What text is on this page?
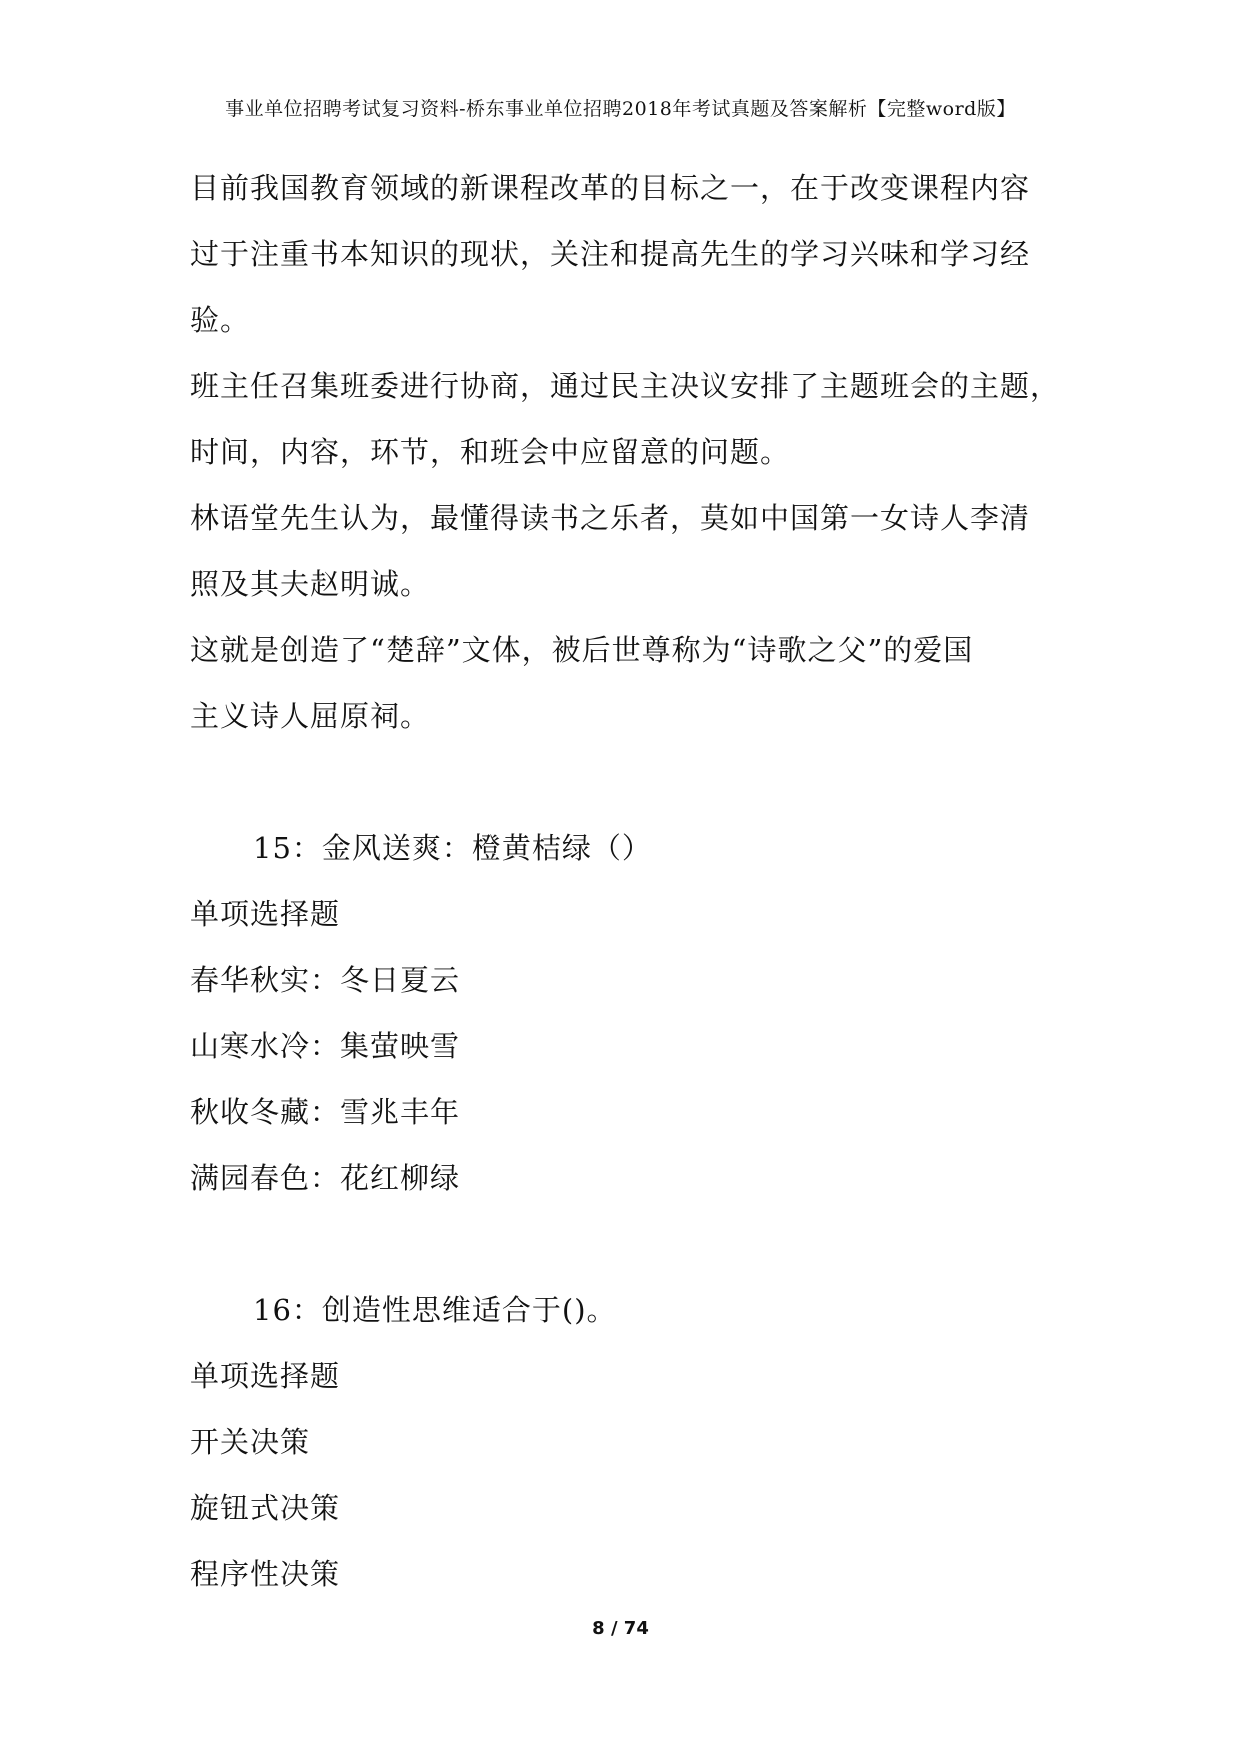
事业单位招聘考试复习资料-桥东事业单位招聘2018年考试真题及答案解析【完整word版】
目前我国教育领域的新课程改革的目标之一，在于改变课程内容
过于注重书本知识的现状，关注和提高先生的学习兴味和学习经
验。
班主任召集班委进行协商，通过民主决议安排了主题班会的主题，
时间，内容，环节，和班会中应留意的问题。
林语堂先生认为，最懂得读书之乐者，莫如中国第一女诗人李清
照及其夫赵明诚。
这就是创造了“楚辞”文体，被后世尊称为“诗歌之父”的爱国
主义诗人屈原祠。
15：金风送爽：橙黄桔绿（）
单项选择题
春华秋实：冬日夏云
山寒水冷：集萤映雪
秋收冬藏：雪兆丰年
满园春色：花红柳绿
16：创造性思维适合于()。
单项选择题
开关决策
旋钮式决策
程序性决策
8 / 74
